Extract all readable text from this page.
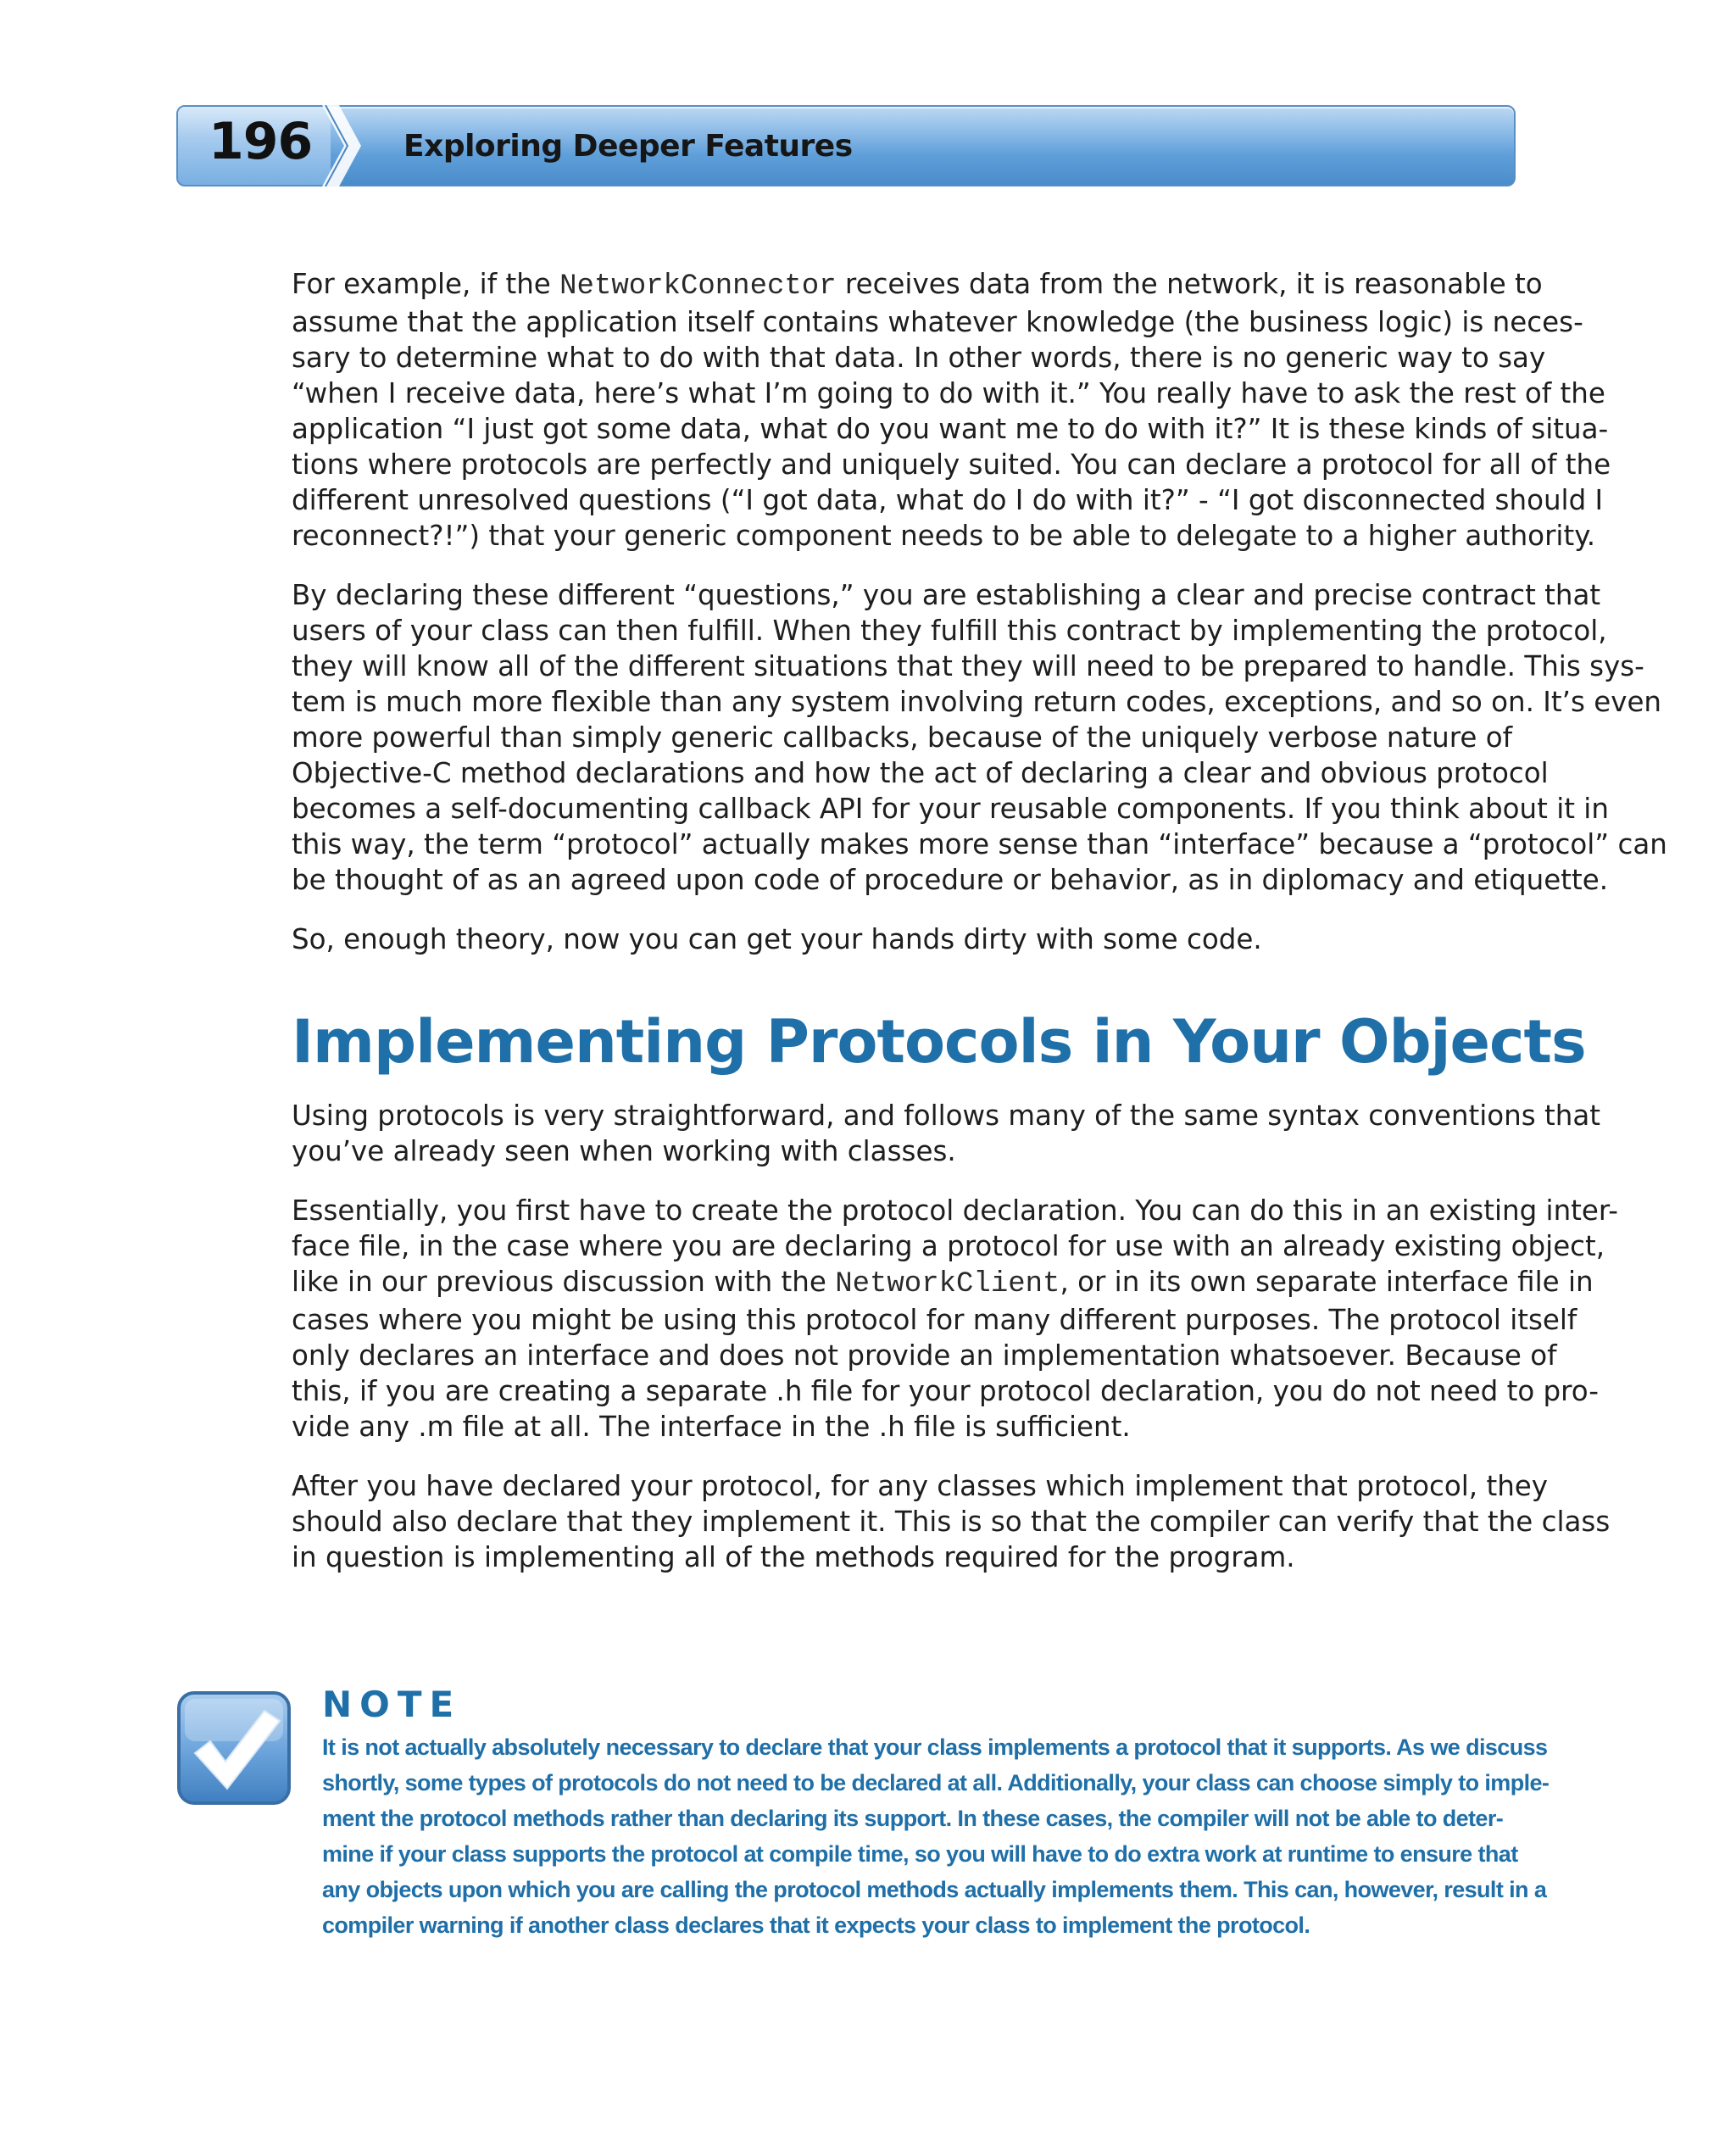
196	Exploring Deeper Features

For example, if the NetworkConnector receives data from the network, it is reasonable to
assume that the application itself contains whatever knowledge (the business logic) is neces-
sary to determine what to do with that data. In other words, there is no generic way to say
“when I receive data, here’s what I’m going to do with it.” You really have to ask the rest of the
application “I just got some data, what do you want me to do with it?” It is these kinds of situa-
tions where protocols are perfectly and uniquely suited. You can declare a protocol for all of the
different unresolved questions (“I got data, what do I do with it?” - “I got disconnected should I
reconnect?!”) that your generic component needs to be able to delegate to a higher authority.

By declaring these different “questions,” you are establishing a clear and precise contract that
users of your class can then fulfill. When they fulfill this contract by implementing the protocol,
they will know all of the different situations that they will need to be prepared to handle. This sys-
tem is much more flexible than any system involving return codes, exceptions, and so on. It’s even
more powerful than simply generic callbacks, because of the uniquely verbose nature of
Objective-C method declarations and how the act of declaring a clear and obvious protocol
becomes a self-documenting callback API for your reusable components. If you think about it in
this way, the term “protocol” actually makes more sense than “interface” because a “protocol” can
be thought of as an agreed upon code of procedure or behavior, as in diplomacy and etiquette.

So, enough theory, now you can get your hands dirty with some code.

Implementing Protocols in Your Objects

Using protocols is very straightforward, and follows many of the same syntax conventions that
you’ve already seen when working with classes.

Essentially, you first have to create the protocol declaration. You can do this in an existing inter-
face file, in the case where you are declaring a protocol for use with an already existing object,
like in our previous discussion with the NetworkClient, or in its own separate interface file in
cases where you might be using this protocol for many different purposes. The protocol itself
only declares an interface and does not provide an implementation whatsoever. Because of
this, if you are creating a separate .h file for your protocol declaration, you do not need to pro-
vide any .m file at all. The interface in the .h file is sufficient.

After you have declared your protocol, for any classes which implement that protocol, they
should also declare that they implement it. This is so that the compiler can verify that the class
in question is implementing all of the methods required for the program.

NOTE
It is not actually absolutely necessary to declare that your class implements a protocol that it supports. As we discuss
shortly, some types of protocols do not need to be declared at all. Additionally, your class can choose simply to imple-
ment the protocol methods rather than declaring its support. In these cases, the compiler will not be able to deter-
mine if your class supports the protocol at compile time, so you will have to do extra work at runtime to ensure that
any objects upon which you are calling the protocol methods actually implements them. This can, however, result in a
compiler warning if another class declares that it expects your class to implement the protocol.
